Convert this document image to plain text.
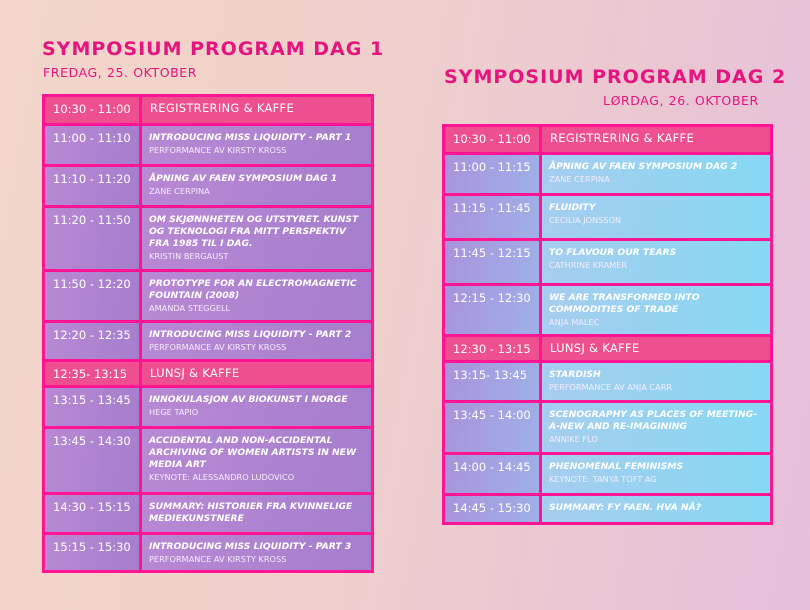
SYMPOSIUM PROGRAM DAG 1
FREDAG, 25. OKTOBER
10:30 - 11:00	REGISTRERING & KAFFE
11:00 - 11:10	INTRODUCING MISS LIQUIDITY - PART 1
PERFORMANCE AV KIRSTY KROSS
11:10 - 11:20	ÅPNING AV FAEN SYMPOSIUM DAG 1
ZANE CERPINA
11:20 - 11:50	OM SKJØNNHETEN OG UTSTYRET. KUNST OG TEKNOLOGI FRA MITT PERSPEKTIV FRA 1985 TIL I DAG.
KRISTIN BERGAUST
11:50 - 12:20	PROTOTYPE FOR AN ELECTROMAGNETIC FOUNTAIN (2008)
AMANDA STEGGELL
12:20 - 12:35	INTRODUCING MISS LIQUIDITY - PART 2
PERFORMANCE AV KIRSTY KROSS
12:35- 13:15	LUNSJ & KAFFE
13:15 - 13:45	INNOKULASJON AV BIOKUNST I NORGE
HEGE TAPIO
13:45 - 14:30	ACCIDENTAL AND NON-ACCIDENTAL ARCHIVING OF WOMEN ARTISTS IN NEW MEDIA ART
KEYNOTE: ALESSANDRO LUDOVICO
14:30 - 15:15	SUMMARY: HISTORIER FRA KVINNELIGE MEDIEKUNSTNERE
15:15 - 15:30	INTRODUCING MISS LIQUIDITY - PART 3
PERFORMANCE AV KIRSTY KROSS
SYMPOSIUM PROGRAM DAG 2
LØRDAG, 26. OKTOBER
10:30 - 11:00	REGISTRERING & KAFFE
11:00 - 11:15	ÅPNING AV FAEN SYMPOSIUM DAG 2
ZANE CERPINA
11:15 - 11:45	FLUIDITY
CECILIA JONSSON
11:45 - 12:15	TO FLAVOUR OUR TEARS
CATHRINE KRAMER
12:15 - 12:30	WE ARE TRANSFORMED INTO COMMODITIES OF TRADE
ANJA MALEC
12:30 - 13:15	LUNSJ & KAFFE
13:15- 13:45	STARDISH
PERFORMANCE AV ANJA CARR
13:45 - 14:00	SCENOGRAPHY AS PLACES OF MEETING-A-NEW AND RE-IMAGINING
ANNIKE FLO
14:00 - 14:45	PHENOMENAL FEMINISMS
KEYNOTE: TANYA TOFT AG
14:45 - 15:30	SUMMARY: FY FAEN. HVA NÅ?
